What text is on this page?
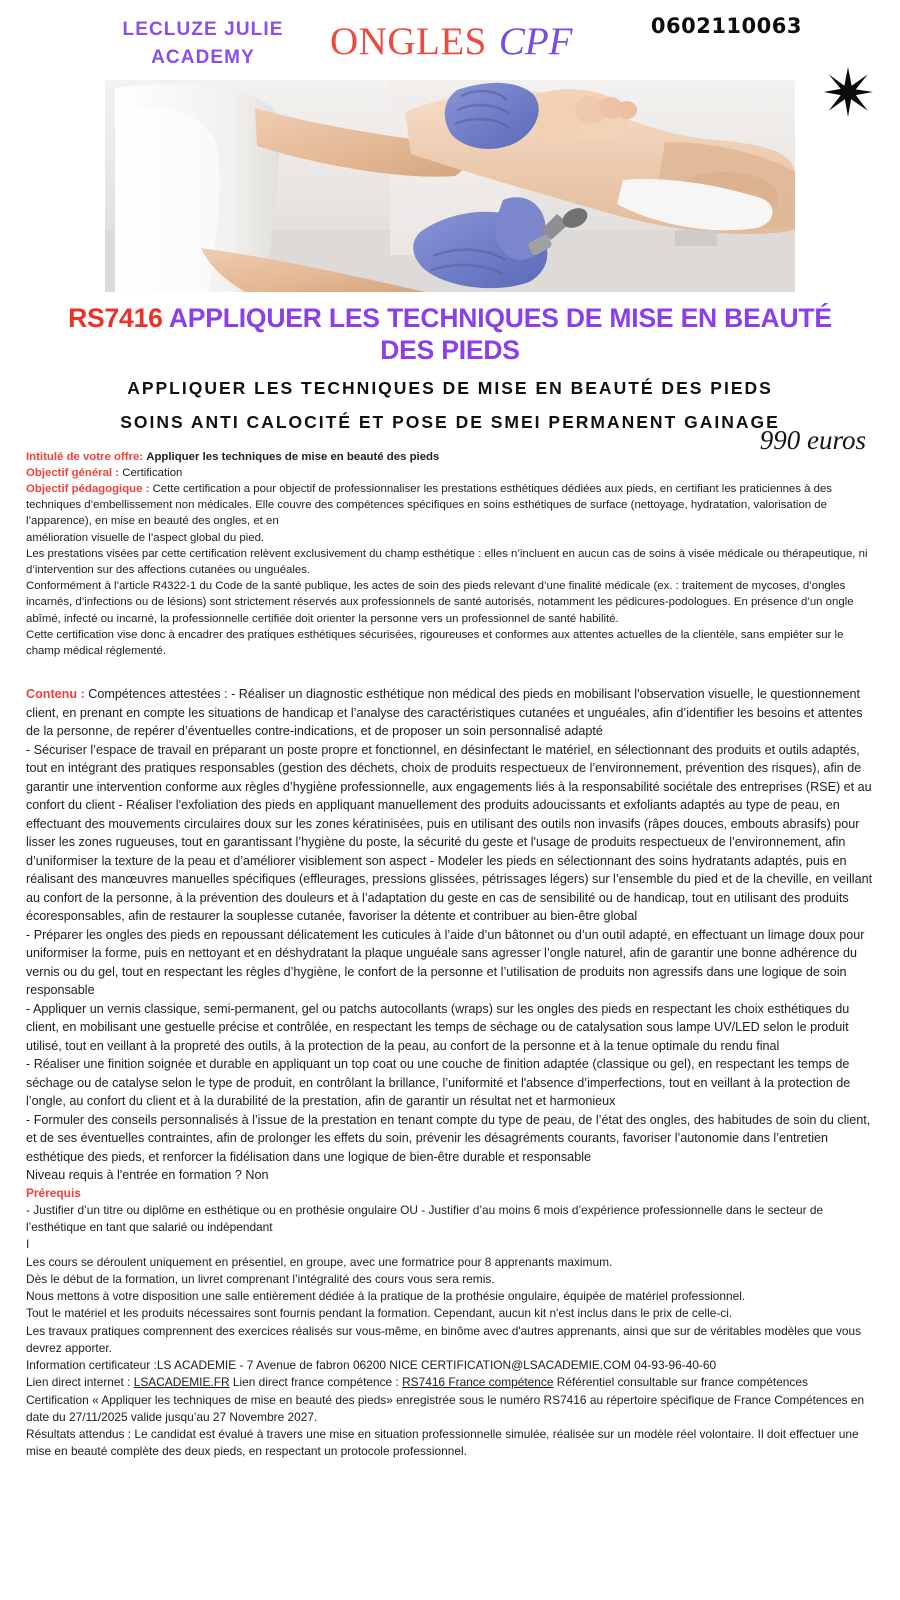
LECLUZE JULIE
ACADEMY	ONGLES CPF	0602110063
RS7416 APPLIQUER LES TECHNIQUES DE MISE EN BEAUTÉ DES PIEDS
APPLIQUER LES TECHNIQUES DE MISE EN BEAUTÉ DES PIEDS
SOINS ANTI CALOCITÉ ET POSE DE SMEI PERMANENT GAINAGE
990 euros

Intitulé de votre offre: Appliquer les techniques de mise en beauté des pieds

Objectif général : Certification

Objectif pédagogique : Cette certification a pour objectif de professionnaliser les prestations esthétiques dédiées aux pieds, en certifiant les praticiennes à des techniques d’embellissement non médicales. Elle couvre des compétences spécifiques en soins esthétiques de surface (nettoyage, hydratation, valorisation de l’apparence), en mise en beauté des ongles, et en

amélioration visuelle de l’aspect global du pied.

Les prestations visées par cette certification relèvent exclusivement du champ esthétique : elles n’incluent en aucun cas de soins à visée médicale ou thérapeutique, ni d’intervention sur des affections cutanées ou unguéales.

Conformément à l’article R4322-1 du Code de la santé publique, les actes de soin des pieds relevant d’une finalité médicale (ex. : traitement de mycoses, d’ongles incarnés, d’infections ou de lésions) sont strictement réservés aux professionnels de santé autorisés, notamment les pédicures-podologues. En présence d’un ongle abîmé, infecté ou incarné, la professionnelle certifiée doit orienter la personne vers un professionnel de santé habilité.

Cette certification vise donc à encadrer des pratiques esthétiques sécurisées, rigoureuses et conformes aux attentes actuelles de la clientèle, sans empiéter sur le champ médical réglementé.

Contenu : Compétences attestées : - Réaliser un diagnostic esthétique non médical des pieds en mobilisant l'observation visuelle, le questionnement client, en prenant en compte les situations de handicap et l’analyse des caractéristiques cutanées et unguéales, afin d’identifier les besoins et attentes de la personne, de repérer d’éventuelles contre-indications, et de proposer un soin personnalisé adapté

- Sécuriser l’espace de travail en préparant un poste propre et fonctionnel, en désinfectant le matériel, en sélectionnant des produits et outils adaptés, tout en intégrant des pratiques responsables (gestion des déchets, choix de produits respectueux de l’environnement, prévention des risques), afin de garantir une intervention conforme aux règles d’hygiène professionnelle, aux engagements liés à la responsabilité sociétale des entreprises (RSE) et au confort du client - Réaliser l'exfoliation des pieds en appliquant manuellement des produits adoucissants et exfoliants adaptés au type de peau, en effectuant des mouvements circulaires doux sur les zones kératinisées, puis en utilisant des outils non invasifs (râpes douces, embouts abrasifs) pour lisser les zones rugueuses, tout en garantissant l’hygiène du poste, la sécurité du geste et l'usage de produits respectueux de l’environnement, afin d’uniformiser la texture de la peau et d’améliorer visiblement son aspect - Modeler les pieds en sélectionnant des soins hydratants adaptés, puis en réalisant des manœuvres manuelles spécifiques (effleurages, pressions glissées, pétrissages légers) sur l’ensemble du pied et de la cheville, en veillant au confort de la personne, à la prévention des douleurs et à l’adaptation du geste en cas de sensibilité ou de handicap, tout en utilisant des produits écoresponsables, afin de restaurer la souplesse cutanée, favoriser la détente et contribuer au bien-être global

- Préparer les ongles des pieds en repoussant délicatement les cuticules à l’aide d’un bâtonnet ou d’un outil adapté, en effectuant un limage doux pour uniformiser la forme, puis en nettoyant et en déshydratant la plaque unguéale sans agresser l’ongle naturel, afin de garantir une bonne adhérence du vernis ou du gel, tout en respectant les règles d’hygiène, le confort de la personne et l’utilisation de produits non agressifs dans une logique de soin responsable

- Appliquer un vernis classique, semi-permanent, gel ou patchs autocollants (wraps) sur les ongles des pieds en respectant les choix esthétiques du client, en mobilisant une gestuelle précise et contrôlée, en respectant les temps de séchage ou de catalysation sous lampe UV/LED selon le produit utilisé, tout en veillant à la propreté des outils, à la protection de la peau, au confort de la personne et à la tenue optimale du rendu final

- Réaliser une finition soignée et durable en appliquant un top coat ou une couche de finition adaptée (classique ou gel), en respectant les temps de séchage ou de catalyse selon le type de produit, en contrôlant la brillance, l’uniformité et l'absence d’imperfections, tout en veillant à la protection de l’ongle, au confort du client et à la durabilité de la prestation, afin de garantir un résultat net et harmonieux

- Formuler des conseils personnalisés à l’issue de la prestation en tenant compte du type de peau, de l’état des ongles, des habitudes de soin du client, et de ses éventuelles contraintes, afin de prolonger les effets du soin, prévenir les désagréments courants, favoriser l’autonomie dans l’entretien esthétique des pieds, et renforcer la fidélisation dans une logique de bien-être durable et responsable

Niveau requis à l'entrée en formation ? Non

Prérequis

- Justifier d’un titre ou diplôme en esthétique ou en prothésie ongulaire OU - Justifier d’au moins 6 mois d’expérience professionnelle dans le secteur de l’esthétique en tant que salarié ou indépendant

I

Les cours se déroulent uniquement en présentiel, en groupe, avec une formatrice pour 8 apprenants maximum.

Dès le début de la formation, un livret comprenant l’intégralité des cours vous sera remis.

Nous mettons à votre disposition une salle entièrement dédiée à la pratique de la prothésie ongulaire, équipée de matériel professionnel.

Tout le matériel et les produits nécessaires sont fournis pendant la formation. Cependant, aucun kit n'est inclus dans le prix de celle-ci.

Les travaux pratiques comprennent des exercices réalisés sur vous-même, en binôme avec d'autres apprenants, ainsi que sur de véritables modèles que vous devrez apporter.

Information certificateur :LS ACADEMIE - 7 Avenue de fabron 06200 NICE CERTIFICATION@LSACADEMIE.COM 04-93-96-40-60

Lien direct internet : LSACADEMIE.FR Lien direct france compétence : RS7416 France compétence Référentiel consultable sur france compétences

Certification « Appliquer les techniques de mise en beauté des pieds» enregistrée sous le numéro RS7416 au répertoire spécifique de France Compétences en date du 27/11/2025 valide jusqu’au 27 Novembre 2027.

Résultats attendus : Le candidat est évalué à travers une mise en situation professionnelle simulée, réalisée sur un modèle réel volontaire. Il doit effectuer une mise en beauté complète des deux pieds, en respectant un protocole professionnel.
